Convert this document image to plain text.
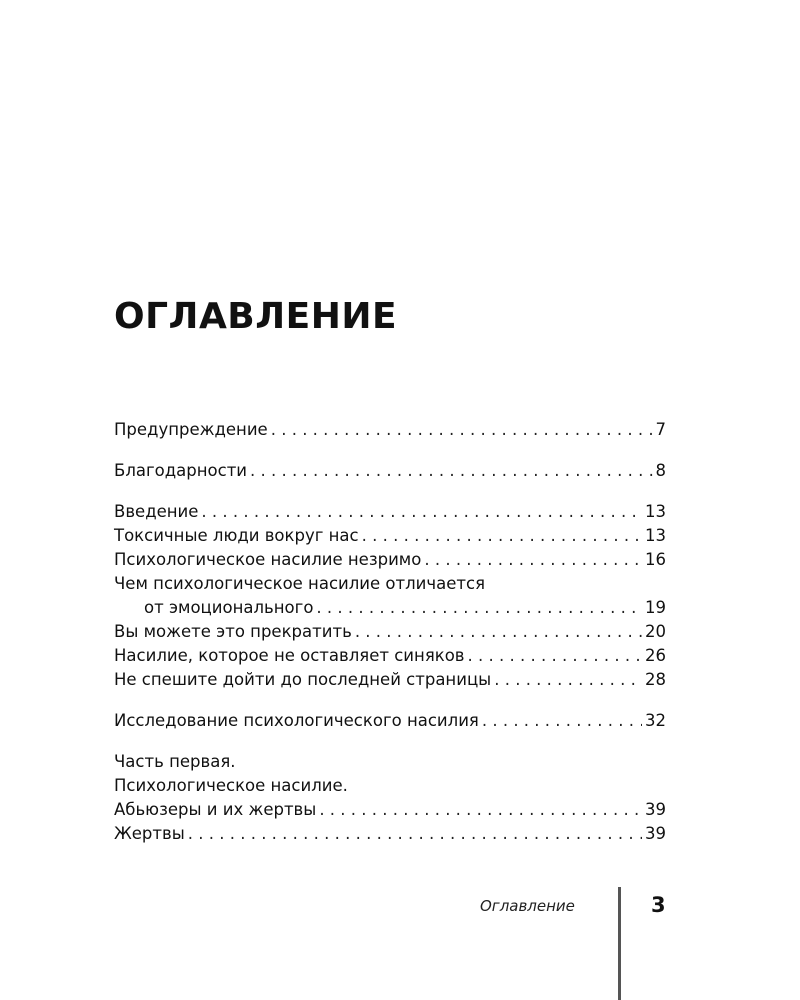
ОГЛАВЛЕНИЕ
Предупреждение . . .	7
Благодарности . . .	8
Введение . . .	13
Токсичные люди вокруг нас . . .	13
Психологическое насилие незримо . . .	16
Чем психологическое насилие отличается
от эмоционального . . .	19
Вы можете это прекратить . . .	20
Насилие, которое не оставляет синяков . . .	26
Не спешите дойти до последней страницы . . .	28
Исследование психологического насилия . . .	32
Часть первая.
Психологическое насилие.
Абьюзеры и их жертвы . . .	39
Жертвы . . .	39
Оглавление	3
